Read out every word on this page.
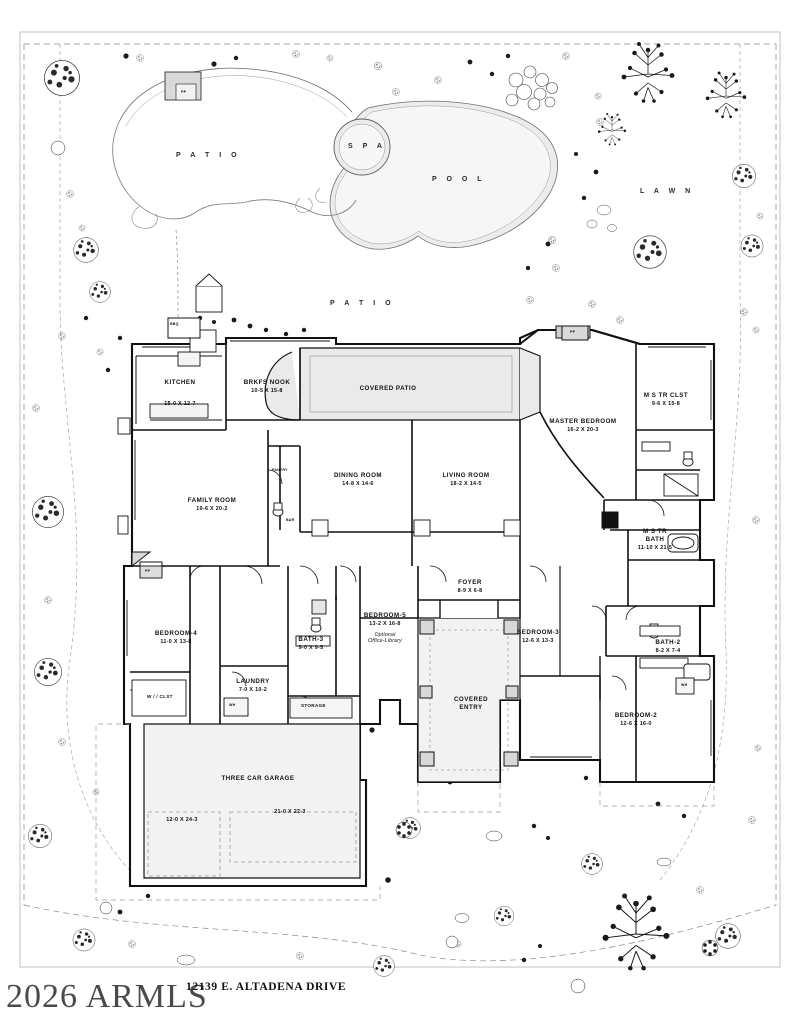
P A T I O
S P A
P O O L
L A W N
P A T I O
PP
BBQ
PP
PP
PANTRY
BAR
W / / CLST
STORAGE
WH
WH
COVERED PATIO
KITCHEN
15-0 X 12-7
BRKFS NOOK
10-5 X 15-8
MASTER BEDROOM
16-2 X 20-3
M S TR CLST
9-6 X 15-8
FAMILY ROOM
19-6 X 20-2
DINING ROOM
14-8 X 14-6
LIVING ROOM
18-2 X 14-5
M S TR
BATH
11-10 X 21-5
FOYER
8-9 X 6-8
BEDROOM-4
11-0 X 13-8
BEDROOM-5
13-2 X 16-8
Optional
Office-Library
BATH-3
9-0 X 9-5
LAUNDRY
7-0 X 10-2
BEDROOM-3
12-6 X 13-3	BATH-2
8-2 X 7-4
BEDROOM-2
12-6 X 16-0
COVERED
ENTRY
THREE CAR GARAGE
12-0 X 24-3
21-0 X 22-3
2026 ARMLS
12139 E. ALTADENA DRIVE
